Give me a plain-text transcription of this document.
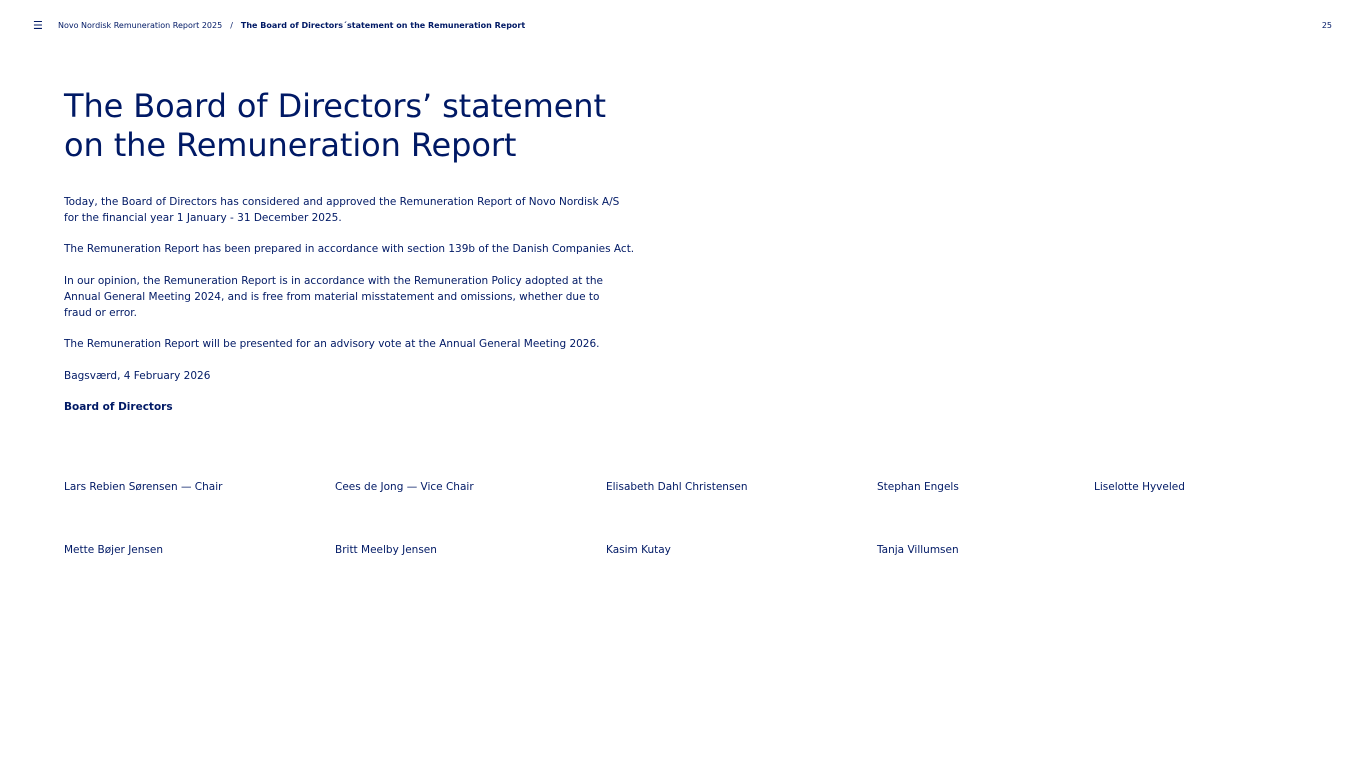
☰ Novo Nordisk Remuneration Report 2025 / The Board of Directors´statement on the Remuneration Report	25
The Board of Directors’ statement
on the Remuneration Report

Today, the Board of Directors has considered and approved the Remuneration Report of Novo Nordisk A/S
for the financial year 1 January - 31 December 2025.

The Remuneration Report has been prepared in accordance with section 139b of the Danish Companies Act.

In our opinion, the Remuneration Report is in accordance with the Remuneration Policy adopted at the
Annual General Meeting 2024, and is free from material misstatement and omissions, whether due to
fraud or error.

The Remuneration Report will be presented for an advisory vote at the Annual General Meeting 2026.

Bagsværd, 4 February 2026

Board of Directors

Lars Rebien Sørensen — Chair	Cees de Jong — Vice Chair	Elisabeth Dahl Christensen	Stephan Engels	Liselotte Hyveled
Mette Bøjer Jensen	Britt Meelby Jensen	Kasim Kutay	Tanja Villumsen
